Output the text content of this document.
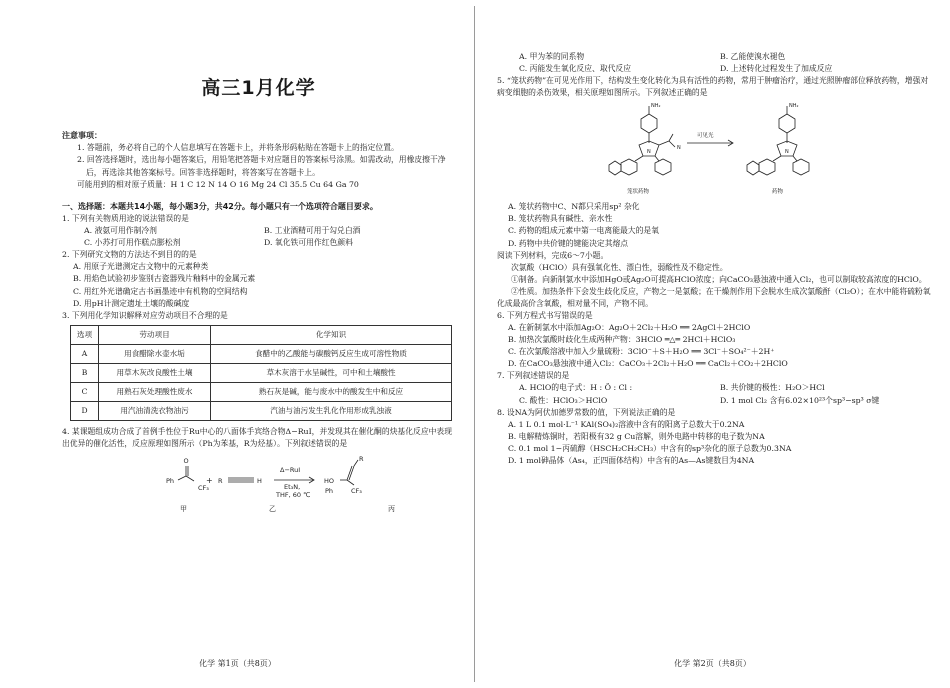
高三1月化学
注意事项：
1. 答题前，务必将自己的个人信息填写在答题卡上，并将条形码粘贴在答题卡上的指定位置。
2. 回答选择题时，选出每小题答案后，用铅笔把答题卡对应题目的答案标号涂黑。如需改动，用橡皮擦干净后，再选涂其他答案标号。回答非选择题时，将答案写在答题卡上。
可能用到的相对原子质量：H 1 C 12 N 14 O 16 Mg 24 Cl 35.5 Cu 64 Ga 70
一、选择题：本题共14小题，每小题3分，共42分。每小题只有一个选项符合题目要求。
1. 下列有关物质用途的说法错误的是
A. 液氨可用作制冷剂	B. 工业酒精可用于勾兑白酒
C. 小苏打可用作糕点膨松剂	D. 氧化铁可用作红色颜料
2. 下列研究文物的方法达不到目的的是
A. 用原子光谱测定古文物中的元素种类
B. 用焰色试验初步鉴别古瓷器残片釉料中的金属元素
C. 用红外光谱确定古书画墨迹中有机物的空间结构
D. 用pH计测定遗址土壤的酸碱度
3. 下列用化学知识解释对应劳动项目不合理的是
选项	劳动项目	化学知识
A	用食醋除水壶水垢	食醋中的乙酸能与碳酸钙反应生成可溶性物质
B	用草木灰改良酸性土壤	草木灰溶于水呈碱性，可中和土壤酸性
C	用熟石灰处理酸性废水	熟石灰是碱，能与废水中的酸发生中和反应
D	用汽油清洗衣物油污	汽油与油污发生乳化作用形成乳浊液
4. 某课题组成功合成了首例手性位于Ru中心的八面体手宾络合物Δ−RuI，并发现其在催化酮的炔基化反应中表现出优异的催化活性，反应原理如图所示（Ph为苯基，R为烃基）。下列叙述错误的是
Ph
CF₃
+ R	H
Δ−RuI
Et₃N,
THF, 60 ℃
HO
Ph	CF₃
R
O
甲	乙	丙
化学 第1页（共8页）
A. 甲为苯的同系物	B. 乙能使溴水褪色
C. 丙能发生氧化反应、取代反应	D. 上述转化过程发生了加成反应
5. “笼状药物”在可见光作用下，结构发生变化转化为具有活性的药物，常用于肿瘤治疗，通过光照肿瘤部位释放药物，增强对病变细胞的杀伤效果，相关原理如图所示。下列叙述正确的是
NH₂	NH₂
N
N	N
可见光
笼状药物	药物
A. 笼状药物中C、N都只采用sp² 杂化
B. 笼状药物具有碱性、亲水性
C. 药物的组成元素中第一电离能最大的是氧
D. 药物中共价键的键能决定其熔点
阅读下列材料，完成6～7小题。
次氯酸（HClO）具有强氧化性、漂白性，弱酸性及不稳定性。
①制备。向新制氯水中添加HgO或Ag₂O可提高HClO浓度；向CaCO₃悬浊液中通入Cl₂，也可以制取较高浓度的HClO。
②性质。加热条件下会发生歧化反应，产物之一是氯酸；在干燥剂作用下会脱水生成次氯酸酐（Cl₂O）；在水中能将硫粉氧化成最高价含氧酸，相对量不同，产物不同。
6. 下列方程式书写错误的是
A. 在新制氯水中添加Ag₂O：Ag₂O＋2Cl₂＋H₂O ══ 2AgCl＋2HClO
B. 加热次氯酸时歧化生成两种产物：3HClO ═△═ 2HCl＋HClO₃
C. 在次氯酸溶液中加入少量硫粉：3ClO⁻＋S＋H₂O ══ 3Cl⁻＋SO₄²⁻＋2H⁺
D. 在CaCO₃悬浊液中通入Cl₂：CaCO₃＋2Cl₂＋H₂O ══ CaCl₂＋CO₂＋2HClO
7. 下列叙述错误的是
A. HClO的电子式：H : Ö : Cl :	B. 共价键的极性：H₂O＞HCl
C. 酸性：HClO₃＞HClO	D. 1 mol Cl₂ 含有6.02×10²³个sp³−sp³ σ键
8. 设NA为阿伏加德罗常数的值，下列说法正确的是
A. 1 L 0.1 mol·L⁻¹ KAl(SO₄)₂溶液中含有的阳离子总数大于0.2NA
B. 电解精炼铜时，若阳极有32 g Cu溶解，则外电路中转移的电子数为NA
C. 0.1 mol 1−丙硫醇（HSCH₂CH₂CH₃）中含有的sp³杂化的原子总数为0.3NA
D. 1 mol砷晶体（As₄，正四面体结构）中含有的As—As键数目为4NA
化学 第2页（共8页）
